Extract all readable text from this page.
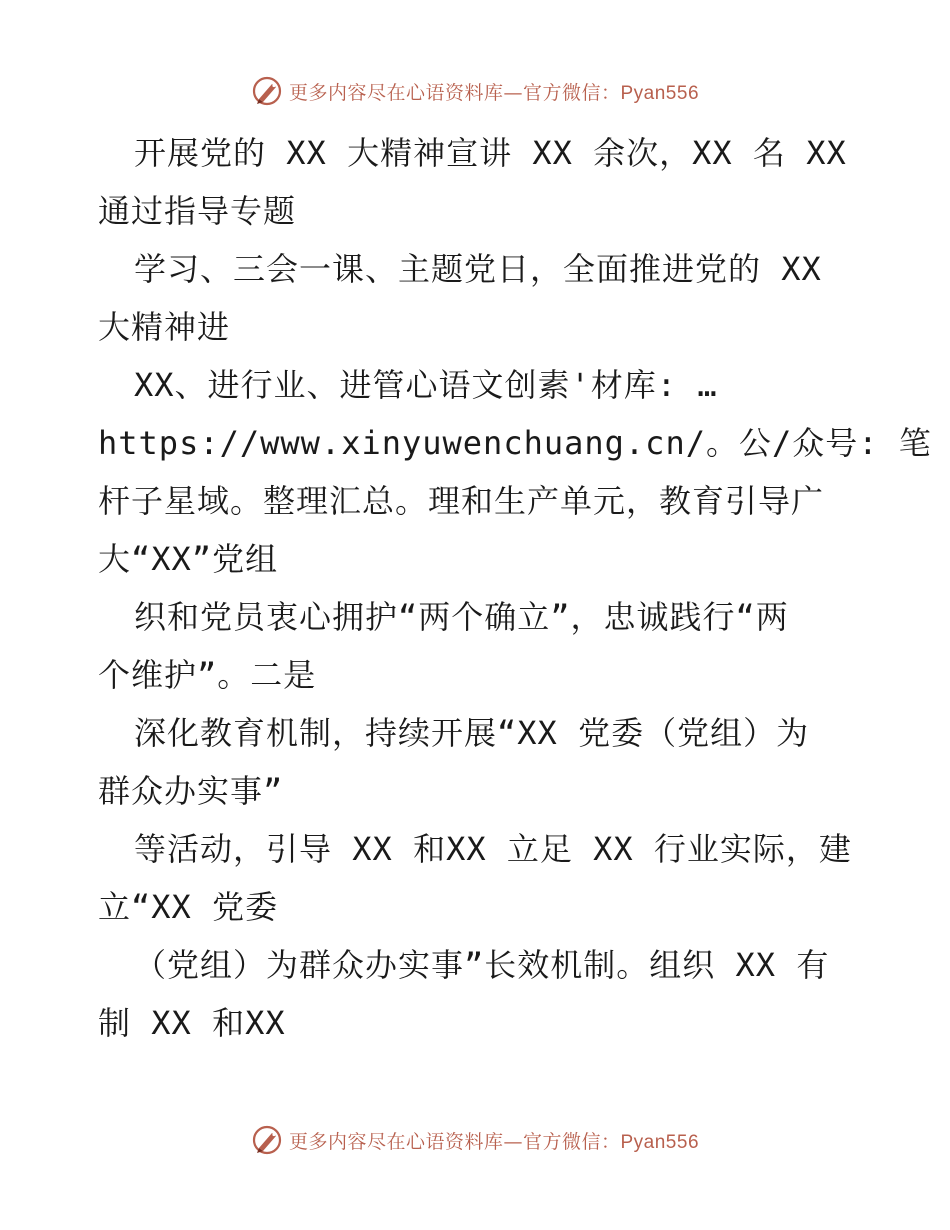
更多内容尽在心语资料库—官方微信：Pyan556
开展党的 XX 大精神宣讲 XX 余次，XX 名 XX
通过指导专题
学习、三会一课、主题党日，全面推进党的 XX
大精神进
XX、进行业、进管心语文创素'材库: …
https://www.xinyuwenchuang.cn/。公/众号: 笔
杆子星域。整理汇总。理和生产单元，教育引导广
大“XX”党组
织和党员衷心拥护“两个确立”，忠诚践行“两
个维护”。二是
深化教育机制，持续开展“XX 党委（党组）为
群众办实事”
等活动，引导 XX 和XX 立足 XX 行业实际，建
立“XX 党委
（党组）为群众办实事”长效机制。组织 XX 有
制 XX 和XX
更多内容尽在心语资料库—官方微信：Pyan556
